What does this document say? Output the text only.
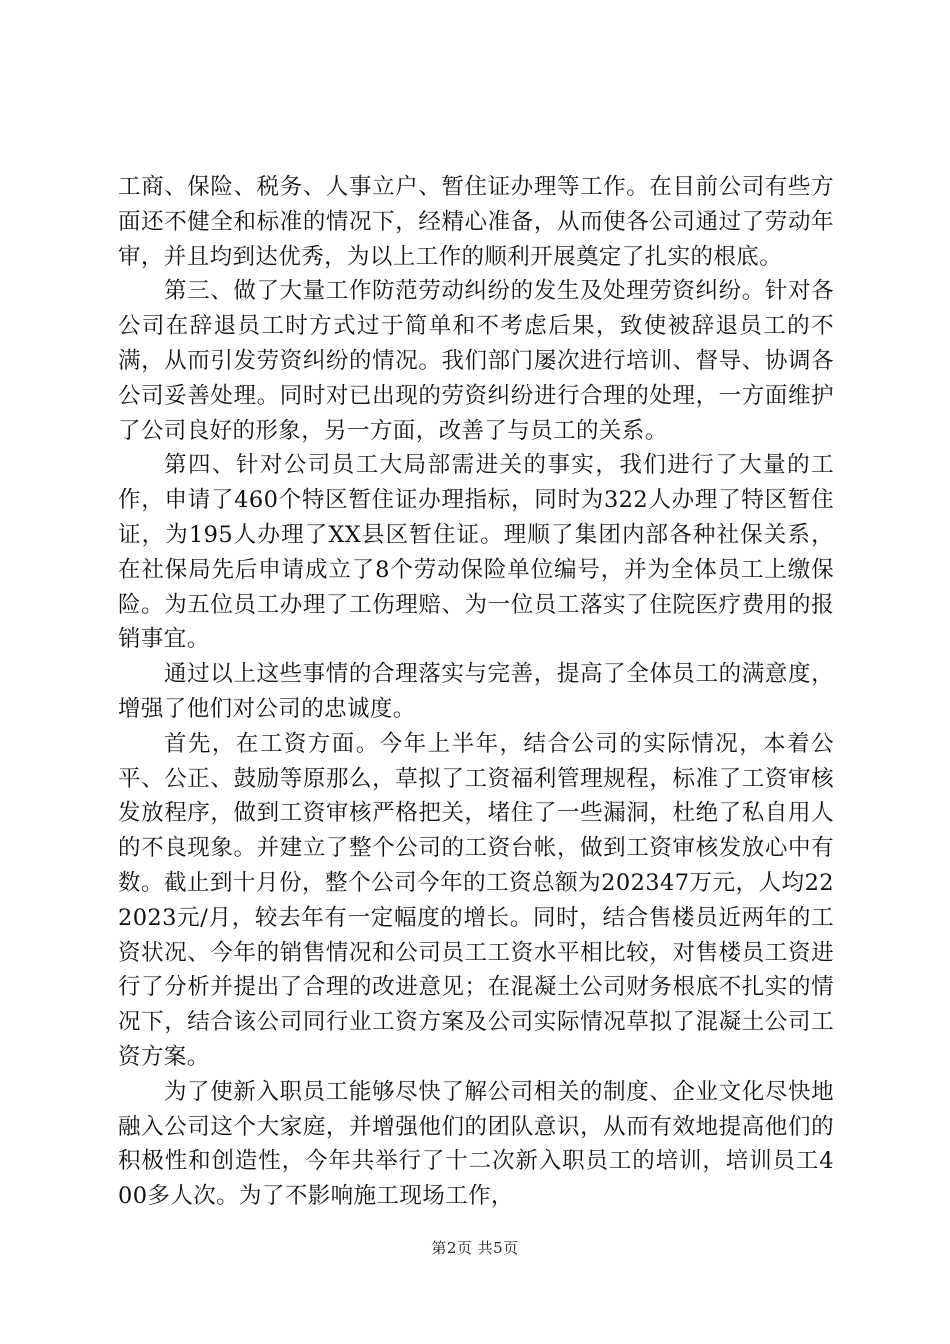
工商、保险、税务、人事立户、暂住证办理等工作。在目前公司有些方面还不健全和标准的情况下，经精心准备，从而使各公司通过了劳动年审，并且均到达优秀，为以上工作的顺利开展奠定了扎实的根底。

第三、做了大量工作防范劳动纠纷的发生及处理劳资纠纷。针对各公司在辞退员工时方式过于简单和不考虑后果，致使被辞退员工的不满，从而引发劳资纠纷的情况。我们部门屡次进行培训、督导、协调各公司妥善处理。同时对已出现的劳资纠纷进行合理的处理，一方面维护了公司良好的形象，另一方面，改善了与员工的关系。

第四、针对公司员工大局部需进关的事实，我们进行了大量的工作，申请了460个特区暂住证办理指标，同时为322人办理了特区暂住证，为195人办理了XX县区暂住证。理顺了集团内部各种社保关系，在社保局先后申请成立了8个劳动保险单位编号，并为全体员工上缴保险。为五位员工办理了工伤理赔、为一位员工落实了住院医疗费用的报销事宜。

通过以上这些事情的合理落实与完善，提高了全体员工的满意度，增强了他们对公司的忠诚度。

首先，在工资方面。今年上半年，结合公司的实际情况，本着公平、公正、鼓励等原那么，草拟了工资福利管理规程，标准了工资审核发放程序，做到工资审核严格把关，堵住了一些漏洞，杜绝了私自用人的不良现象。并建立了整个公司的工资台帐，做到工资审核发放心中有数。截止到十月份，整个公司今年的工资总额为202347万元，人均222023元/月，较去年有一定幅度的增长。同时，结合售楼员近两年的工资状况、今年的销售情况和公司员工工资水平相比较，对售楼员工资进行了分析并提出了合理的改进意见；在混凝土公司财务根底不扎实的情况下，结合该公司同行业工资方案及公司实际情况草拟了混凝土公司工资方案。

为了使新入职员工能够尽快了解公司相关的制度、企业文化尽快地融入公司这个大家庭，并增强他们的团队意识，从而有效地提高他们的积极性和创造性，今年共举行了十二次新入职员工的培训，培训员工400多人次。为了不影响施工现场工作，

第2页 共5页
